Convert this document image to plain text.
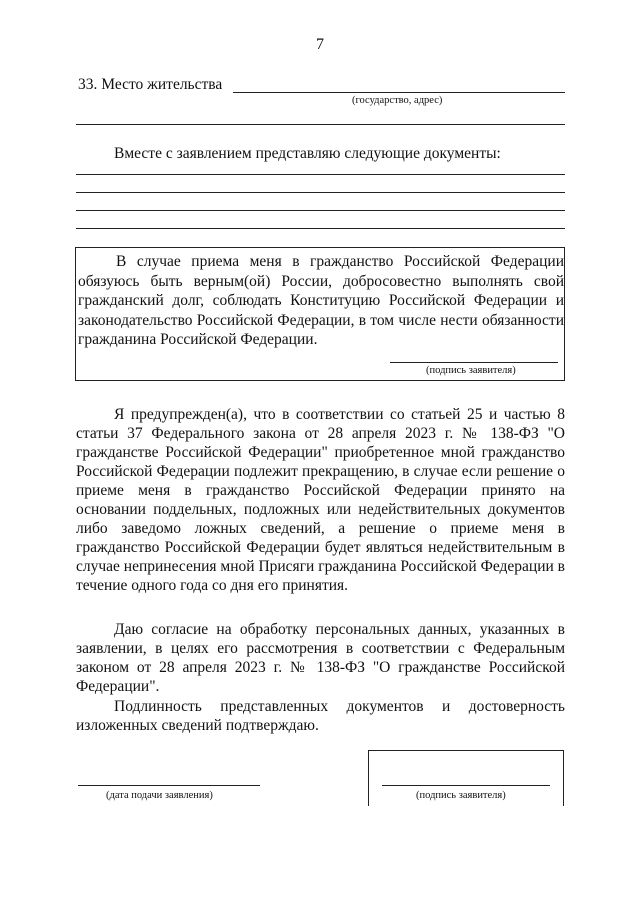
7
33. Место жительства
(государство, адрес)
Вместе с заявлением представляю следующие документы:

В случае приема меня в гражданство Российской Федерации обязуюсь быть верным(ой) России, добросовестно выполнять свой гражданский долг, соблюдать Конституцию Российской Федерации и законодательство Российской Федерации, в том числе нести обязанности гражданина Российской Федерации.

(подпись заявителя)

Я предупрежден(а), что в соответствии со статьей 25 и частью 8 статьи 37 Федерального закона от 28 апреля 2023 г. № 138-ФЗ "О гражданстве Российской Федерации" приобретенное мной гражданство Российской Федерации подлежит прекращению, в случае если решение о приеме меня в гражданство Российской Федерации принято на основании поддельных, подложных или недействительных документов либо заведомо ложных сведений, а решение о приеме меня в гражданство Российской Федерации будет являться недействительным в случае непринесения мной Присяги гражданина Российской Федерации в течение одного года со дня его принятия.

Даю согласие на обработку персональных данных, указанных в заявлении, в целях его рассмотрения в соответствии с Федеральным законом от 28 апреля 2023 г. № 138-ФЗ "О гражданстве Российской Федерации".

Подлинность представленных документов и достоверность изложенных сведений подтверждаю.

(дата подачи заявления)	(подпись заявителя)
